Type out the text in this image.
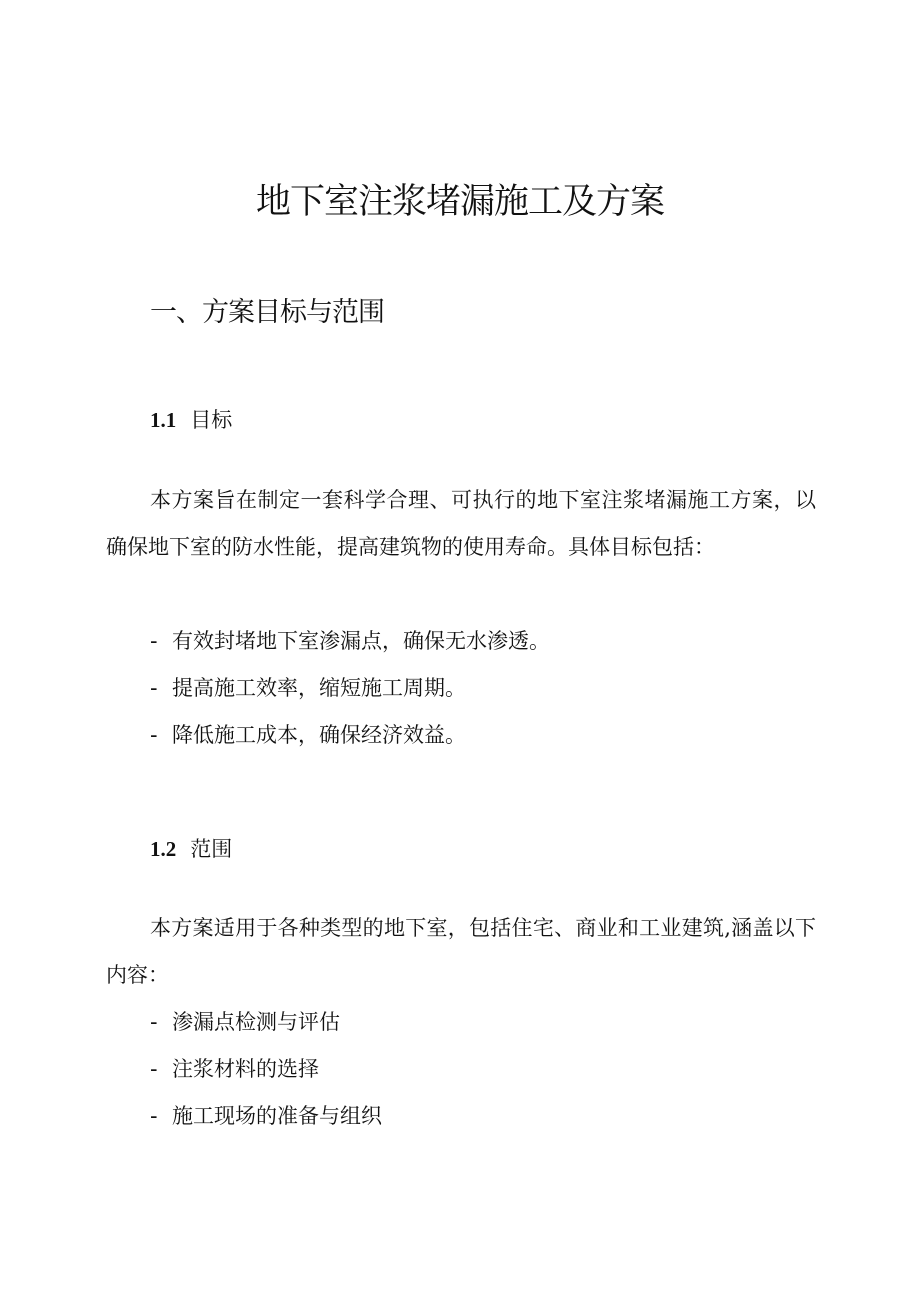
地下室注浆堵漏施工及方案
一、方案目标与范围
1.1 目标

本方案旨在制定一套科学合理、可执行的地下室注浆堵漏施工方案，以确保地下室的防水性能，提高建筑物的使用寿命。具体目标包括：

- 有效封堵地下室渗漏点，确保无水渗透。
- 提高施工效率，缩短施工周期。
- 降低施工成本，确保经济效益。
1.2 范围

本方案适用于各种类型的地下室，包括住宅、商业和工业建筑,涵盖以下内容：

- 渗漏点检测与评估
- 注浆材料的选择
- 施工现场的准备与组织
